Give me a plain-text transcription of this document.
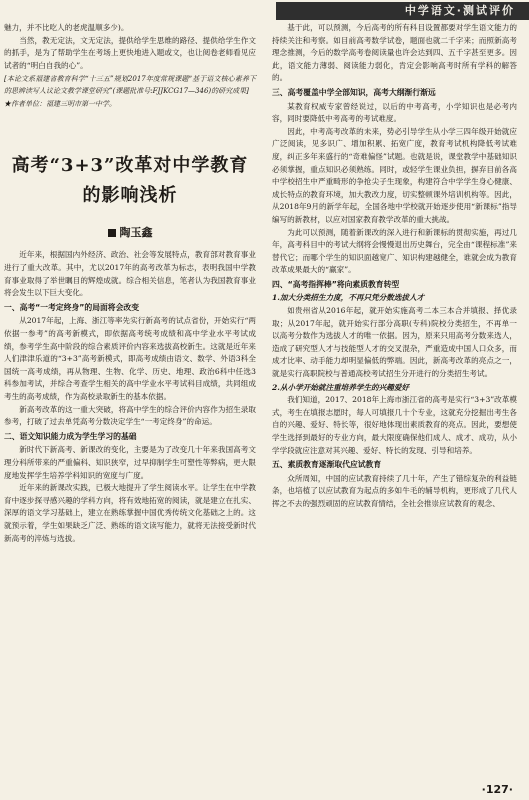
中学语文·测试评价

魅力，并不比吃人的老虎温顺多少)。

当然，教无定法，文无定法，提供给学生思维的路径、提供给学生作文的抓手，是为了帮助学生在考场上更快地进入题或文，也让阅卷老师看见应试者的“明白自我的心”。

[本论文系福建省教育科学“十三五”规划2017年度常规课题“基于语文核心素养下的思辨读写人议论文教学课堂研究”(课题批准号:FJJKCG17—346)的研究成果]
★作者单位：福建三明市第一中学。
高考“3+3”改革对中学教育
的影响浅析
陶玉鑫

近年来，根据国内外经济、政治、社会等发展特点，教育部对教育事业进行了重大改革。其中，尤以2017年的高考改革为标志，表明我国中学教育事业取得了举世瞩目的辉煌成就。综合相关信息，笔者认为我国教育事业将会发生以下巨大变化。

一、高考“一考定终身”的局面将会改变

从2017年起，上海、浙江等率先实行新高考的试点省份，开始实行“两依据一参考”的高考新模式，即依据高考统考成绩和高中学业水平考试成绩，参考学生高中阶段的综合素质评价内容来选拔高校新生。这就是近年来人们津津乐道的“3+3”高考新模式，即高考成绩由语文、数学、外语3科全国统一高考成绩，再从物理、生物、化学、历史、地理、政治6科中任选3科参加考试，并综合考查学生相关的高中学业水平考试科目成绩，共同组成考生的高考成绩，作为高校录取新生的基本依据。

新高考改革的这一重大突破，将高中学生的综合评价内容作为招生录取参考，打破了过去单凭高考分数决定学生“一考定终身”的命运。

二、语文知识能力成为学生学习的基础

新时代下新高考、新课改的变化，主要是为了改变几十年来我国高考文理分科所带来的严重偏科、知识狭窄，过早抑制学生可塑性等弊病，更大限度地发挥学生培养学科知识的宽度与广度。

近年来的新课改实践，已极大地提升了学生阅读水平。让学生在中学教育中逐步探寻感兴趣的学科方向，将有效地拓宽的阅读，就是建立在扎实、深厚的语文学习基础上，建立在熟练掌握中国优秀传统文化基础之上的。这就预示着，学生如果缺乏广泛、熟练的语文读写能力，就将无法接受新时代新高考的淬炼与选拔。

基于此，可以预测，今后高考的所有科目设置都要对学生语文能力的持续关注和考察。如目前高考数学试卷，题面也就二千字来；而照新高考理念推测，今后的数学高考卷阅读量也许会达到四、五千字甚至更多。因此，语文能力薄弱、阅读能力弱化，肯定会影响高考时所有学科的解答的。

三、高考覆盖中学全部知识，高考大纲渐行渐远

某教育权威专家曾经说过，以后的中考高考，小学知识也是必考内容，同时要降低中考高考的考试难度。

因此，中考高考改革的未来，势必引导学生从小学三四年级开始就应广泛阅读，见多识广、增加积累、拓宽广度，教育考试机构降低考试难度，纠正多年来盛行的“奇难偏怪”试题。也就是说，课堂教学中基础知识必须掌握，重点知识必须熟练。同时，或轻学生课业负担，摒弃目前各高中学校招生中严重畸形的争抢尖子生现象，构建符合中学学生身心健康、成长特点的教育环境，加大教改力度，切实整顿课外培训机构等。因此，从2018年9月的新学年起，全国各地中学校就开始逐步使用“新课标”指导编写的新教材，以应对国家教育教学改革的重大挑战。

为此可以预测，随着新课改的深入进行和新课标的贯彻实施，再过几年，高考科目中的考试大纲将会慢慢退出历史舞台，完全由“课程标准”来替代它；而哪个学生的知识面越宽广、知识构建越健全，谁就会成为教育改革成果最大的“赢家”。

四、“高考指挥棒”将向素质教育转型
1.加大分类招生力度，不再只凭分数选拔人才

如贵州省从2016年起，就开始实施高考二本三本合并填报、择优录取；从2017年起，就开始实行部分高职(专科)院校分类招生，不再单一以高考分数作为选拔人才的唯一依据。因为，原来只用高考分数来选人，造成了研究型人才与技能型人才的交叉混杂，严重造成中国人口众多，而成才比率、动手能力却明显偏低的弊端。因此，新高考改革的亮点之一，就是实行高职院校与普通高校考试招生分开进行的分类招生考试。

2.从小学开始就注重培养学生的兴趣爱好

我们知道，2017、2018年上海市浙江省的高考是实行“3+3”改革模式，考生在填报志愿时，每人可填报几十个专业，这就充分挖掘出考生各自的兴趣、爱好、特长等，很好地体现出素质教育的亮点。因此，要想使学生选择到最好的专业方向，最大限度确保他们成人、成才、成功，从小学学段就应注意对其兴趣、爱好、特长的发现、引导和培养。

五、素质教育逐渐取代应试教育

众所周知，中国的应试教育持续了几十年，产生了错综复杂的利益链条，也培植了以应试教育为起点的多如牛毛的辅导机构，更形成了几代人挥之不去的强烈顽固的应试教育情结，全社会推崇应试教育的观念、

·127·
